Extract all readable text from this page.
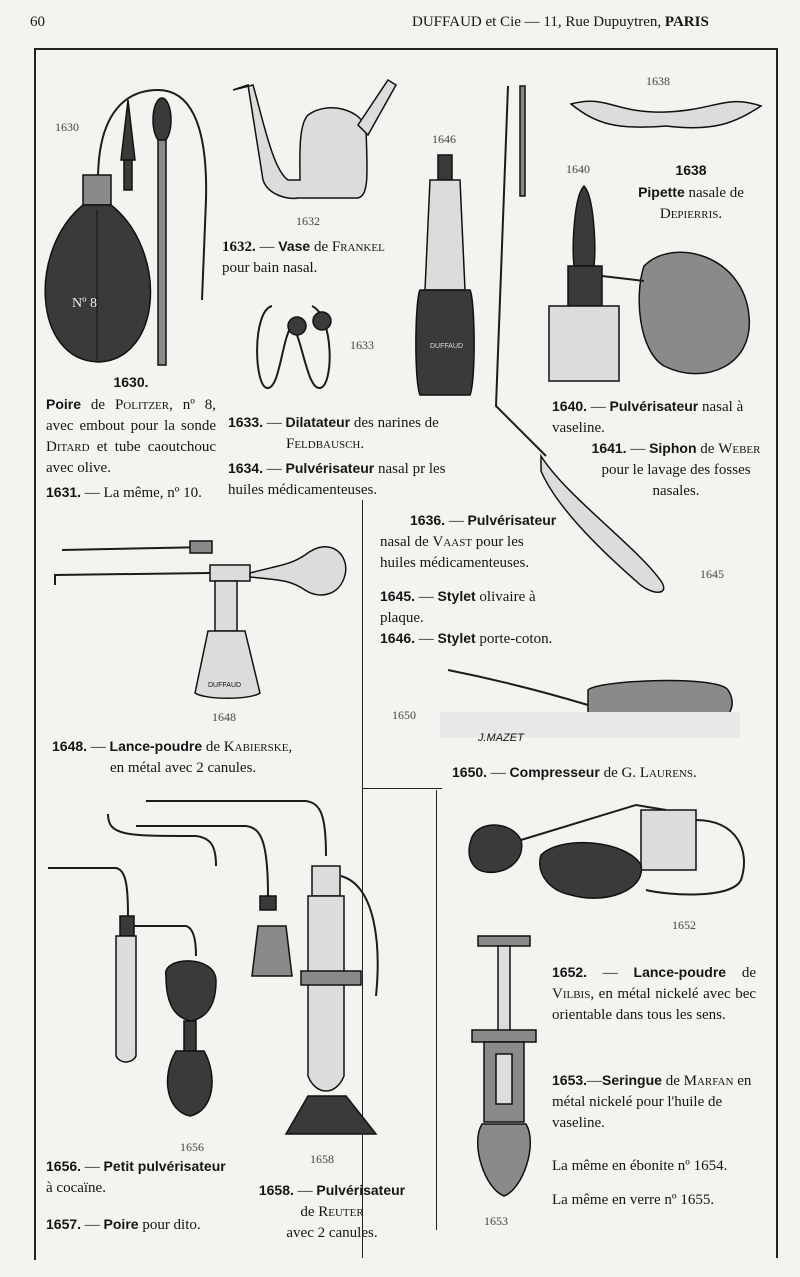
60	DUFFAUD et Cie — 11, Rue Dupuytren, PARIS
1630
Nº 8
1632
1632. — Vase de Frankel pour bain nasal.
1633	DUFFAUD
1646
1645
1638
1638
Pipette nasale de Depierris.
1640
1630.
Poire de Politzer, nº 8, avec embout pour la sonde Ditard et tube caoutchouc avec olive.
1631. — La même, nº 10.
1633. — Dilatateur des narines de
Feldbausch.
1634. — Pulvérisateur nasal pr les huiles médicamenteuses.
1640. — Pulvérisateur nasal à vaseline.
1641. — Siphon de Weber pour le lavage des fosses nasales.
1636. — Pulvérisateur nasal de Vaast pour les huiles médicamenteuses.
1645. — Stylet olivaire à plaque.
1646. — Stylet porte-coton.
DUFFAUD
1648
1648. — Lance-poudre de Kabierske,
en métal avec 2 canules.
1650
J.MAZET
1650. — Compresseur de G. Laurens.
1652
1652. — Lance-poudre de Vilbis, en métal nickelé avec bec orientable dans tous les sens.
1653.—Seringue de Marfan en métal nickelé pour l'huile de vaseline.
La même en ébonite nº 1654.
La même en verre nº 1655.
1653
1656
1658
1656. — Petit pulvérisateur à cocaïne.
1657. — Poire pour dito.
1658. — Pulvérisateur
de Reuter
avec 2 canules.
